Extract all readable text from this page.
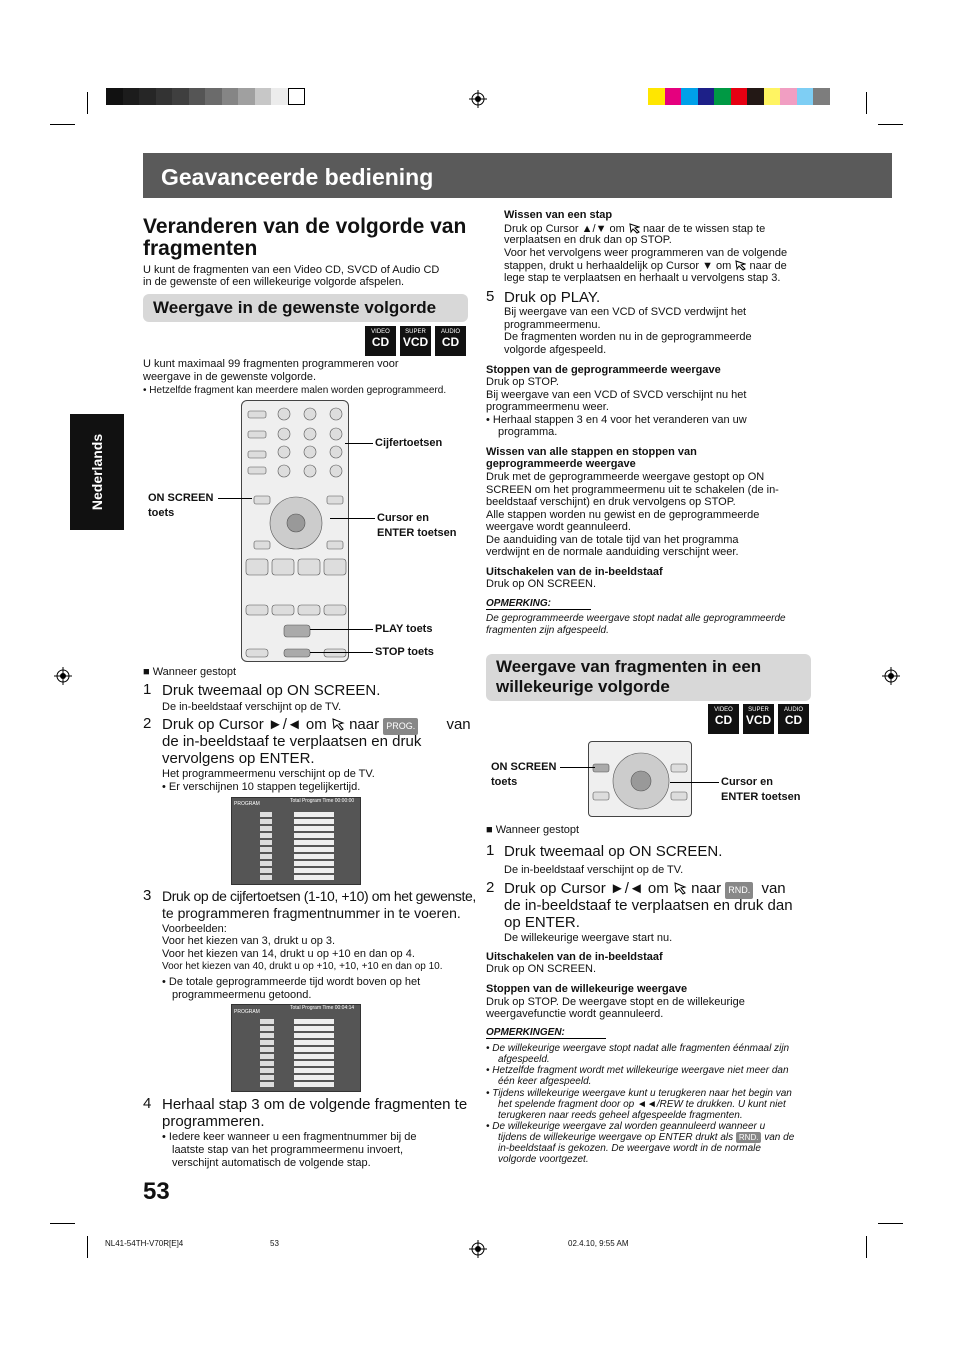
Geavanceerde bediening
Nederlands
Veranderen van de volgorde van
fragmenten
U kunt de fragmenten van een Video CD, SVCD of Audio CD
in de gewenste of een willekeurige volgorde afspelen.
Weergave in de gewenste volgorde
VIDEO
CD
SUPER
VCD
AUDIO
CD
U kunt maximaal 99 fragmenten programmeren voor
weergave in de gewenste volgorde.
• Hetzelfde fragment kan meerdere malen worden geprogrammeerd.
Cijfertoetsen
ON SCREEN
toets	Cursor en
ENTER toetsen
PLAY toets
STOP toets
■ Wanneer gestopt
1 Druk tweemaal op ON SCREEN.
De in-beeldstaaf verschijnt op de TV.
2 Druk op Cursor ►/◄ om naar PROG. van
de in-beeldstaaf te verplaatsen en druk
vervolgens op ENTER.
Het programmeermenu verschijnt op de TV.
• Er verschijnen 10 stappen tegelijkertijd.
PROGRAM	Total Program Time 00:00:00
3 Druk op de cijfertoetsen (1-10, +10) om het gewenste,
te programmeren fragmentnummer in te voeren.
Voorbeelden:
Voor het kiezen van 3, drukt u op 3.
Voor het kiezen van 14, drukt u op +10 en dan op 4.
Voor het kiezen van 40, drukt u op +10, +10, +10 en dan op 10.
• De totale geprogrammeerde tijd wordt boven op het
programmeermenu getoond.
PROGRAM
Total Program Time 00:04:14
4 Herhaal stap 3 om de volgende fragmenten te
programmeren.
• Iedere keer wanneer u een fragmentnummer bij de
laatste stap van het programmeermenu invoert,
verschijnt automatisch de volgende stap.
53
Wissen van een stap
Druk op Cursor ▲/▼ om naar de te wissen stap te
verplaatsen en druk dan op STOP.
Voor het vervolgens weer programmeren van de volgende
stappen, drukt u herhaaldelijk op Cursor ▼ om naar de
lege stap te verplaatsen en herhaalt u vervolgens stap 3.
5 Druk op PLAY.
Bij weergave van een VCD of SVCD verdwijnt het
programmeermenu.
De fragmenten worden nu in de geprogrammeerde
volgorde afgespeeld.
Stoppen van de geprogrammeerde weergave
Druk op STOP.
Bij weergave van een VCD of SVCD verschijnt nu het
programmeermenu weer.
• Herhaal stappen 3 en 4 voor het veranderen van uw
programma.
Wissen van alle stappen en stoppen van
geprogrammeerde weergave
Druk met de geprogrammeerde weergave gestopt op ON
SCREEN om het programmeermenu uit te schakelen (de in-
beeldstaaf verschijnt) en druk vervolgens op STOP.
Alle stappen worden nu gewist en de geprogrammeerde
weergave wordt geannuleerd.
De aanduiding van de totale tijd van het programma
verdwijnt en de normale aanduiding verschijnt weer.
Uitschakelen van de in-beeldstaaf
Druk op ON SCREEN.
OPMERKING:
De geprogrammeerde weergave stopt nadat alle geprogrammeerde
fragmenten zijn afgespeeld.
Weergave van fragmenten in een
willekeurige volgorde
VIDEO
CD
SUPER
VCD
AUDIO
CD
ON SCREEN
toets	Cursor en
ENTER toetsen
■ Wanneer gestopt
1 Druk tweemaal op ON SCREEN.
De in-beeldstaaf verschijnt op de TV.
2 Druk op Cursor ►/◄ om naar RND. van
de in-beeldstaaf te verplaatsen en druk dan
op ENTER.
De willekeurige weergave start nu.
Uitschakelen van de in-beeldstaaf
Druk op ON SCREEN.
Stoppen van de willekeurige weergave
Druk op STOP. De weergave stopt en de willekeurige
weergavefunctie wordt geannuleerd.
OPMERKINGEN:
• De willekeurige weergave stopt nadat alle fragmenten éénmaal zijn
afgespeeld.
• Hetzelfde fragment wordt met willekeurige weergave niet meer dan
één keer afgespeeld.
• Tijdens willekeurige weergave kunt u terugkeren naar het begin van
het spelende fragment door op ◄◄/REW te drukken. U kunt niet
terugkeren naar reeds geheel afgespeelde fragmenten.
• De willekeurige weergave zal worden geannuleerd wanneer u
tijdens de willekeurige weergave op ENTER drukt als RND. van de
in-beeldstaaf is gekozen. De weergave wordt in de normale
volgorde voortgezet.
NL41-54TH-V70R[E]4	53	02.4.10, 9:55 AM
